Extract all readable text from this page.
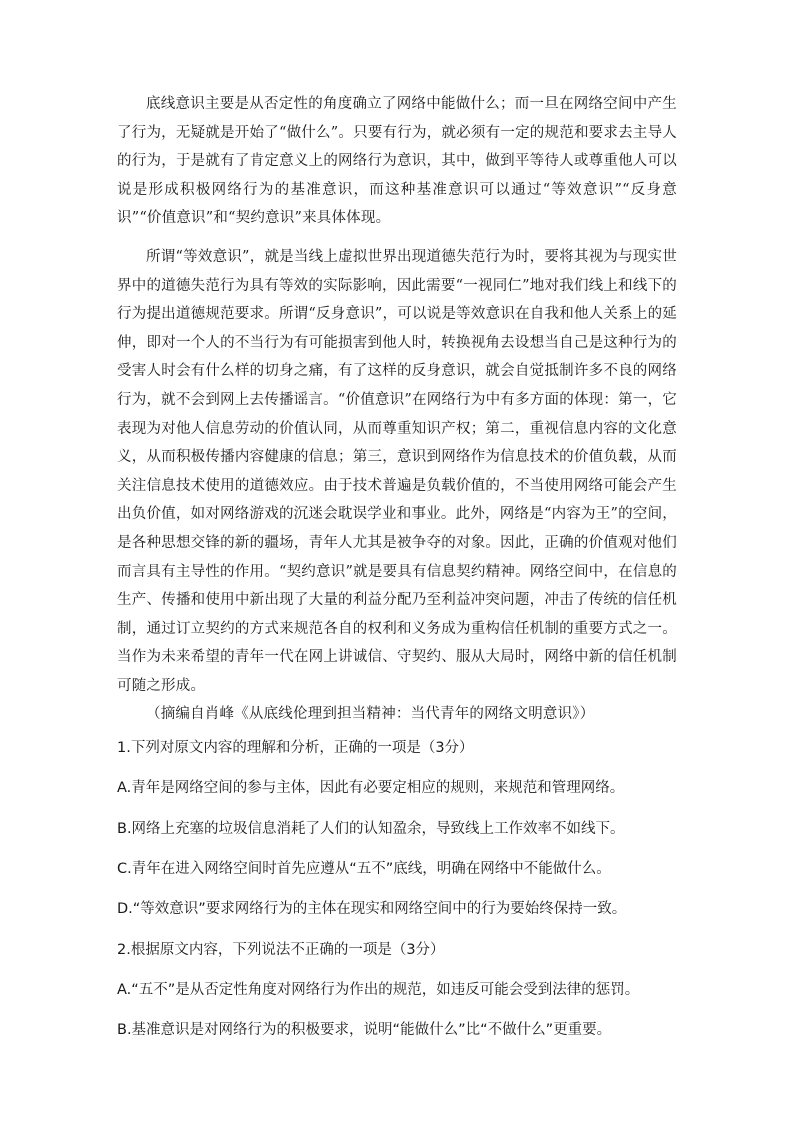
底线意识主要是从否定性的角度确立了网络中能做什么；而一旦在网络空间中产生了行为，无疑就是开始了“做什么”。只要有行为，就必须有一定的规范和要求去主导人的行为，于是就有了肯定意义上的网络行为意识，其中，做到平等待人或尊重他人可以说是形成积极网络行为的基准意识，而这种基准意识可以通过“等效意识”“反身意识”“价值意识”和“契约意识”来具体体现。

所谓“等效意识”，就是当线上虚拟世界出现道德失范行为时，要将其视为与现实世界中的道德失范行为具有等效的实际影响，因此需要“一视同仁”地对我们线上和线下的行为提出道德规范要求。所谓“反身意识”，可以说是等效意识在自我和他人关系上的延伸，即对一个人的不当行为有可能损害到他人时，转换视角去设想当自己是这种行为的受害人时会有什么样的切身之痛，有了这样的反身意识，就会自觉抵制许多不良的网络行为，就不会到网上去传播谣言。“价值意识”在网络行为中有多方面的体现：第一，它表现为对他人信息劳动的价值认同，从而尊重知识产权；第二，重视信息内容的文化意义，从而积极传播内容健康的信息；第三，意识到网络作为信息技术的价值负载，从而关注信息技术使用的道德效应。由于技术普遍是负载价值的，不当使用网络可能会产生出负价值，如对网络游戏的沉迷会耽误学业和事业。此外，网络是“内容为王”的空间，是各种思想交锋的新的疆场，青年人尤其是被争夺的对象。因此，正确的价值观对他们而言具有主导性的作用。“契约意识”就是要具有信息契约精神。网络空间中，在信息的生产、传播和使用中新出现了大量的利益分配乃至利益冲突问题，冲击了传统的信任机制，通过订立契约的方式来规范各自的权利和义务成为重构信任机制的重要方式之一。当作为未来希望的青年一代在网上讲诚信、守契约、服从大局时，网络中新的信任机制可随之形成。

（摘编自肖峰《从底线伦理到担当精神：当代青年的网络文明意识》）

1.下列对原文内容的理解和分析，正确的一项是（3分）
A.青年是网络空间的参与主体，因此有必要定相应的规则，来规范和管理网络。
B.网络上充塞的垃圾信息消耗了人们的认知盈余，导致线上工作效率不如线下。
C.青年在进入网络空间时首先应遵从“五不”底线，明确在网络中不能做什么。
D.“等效意识”要求网络行为的主体在现实和网络空间中的行为要始终保持一致。
2.根据原文内容，下列说法不正确的一项是（3分）
A.“五不”是从否定性角度对网络行为作出的规范，如违反可能会受到法律的惩罚。
B.基准意识是对网络行为的积极要求，说明“能做什么”比“不做什么”更重要。
